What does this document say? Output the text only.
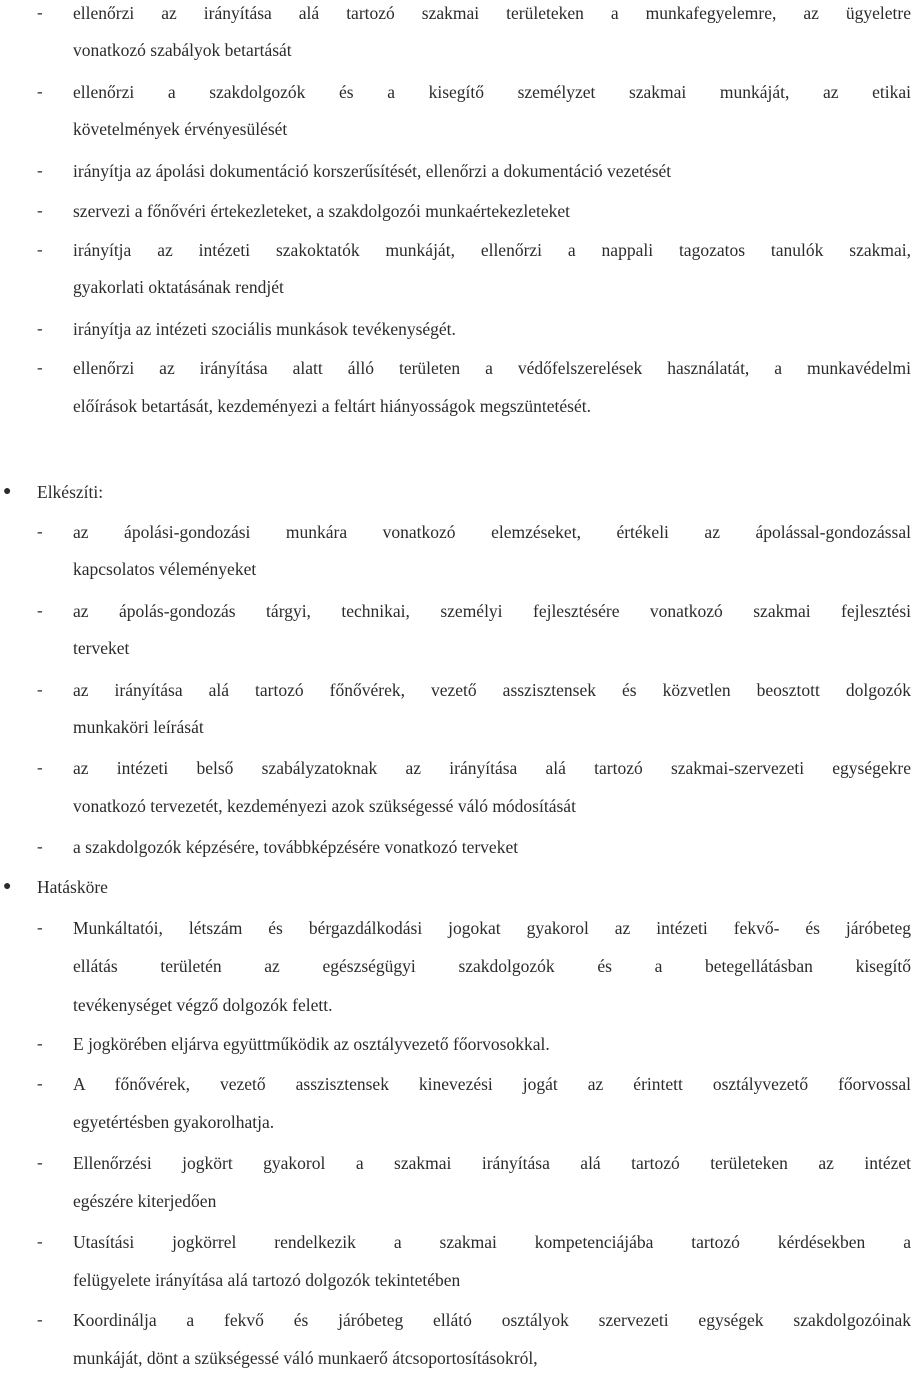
- ellenőrzi az irányítása alá tartozó szakmai területeken a munkafegyelemre, az ügyeletre
vonatkozó szabályok betartását
- ellenőrzi a szakdolgozók és a kisegítő személyzet szakmai munkáját, az etikai
követelmények érvényesülését
- irányítja az ápolási dokumentáció korszerűsítését, ellenőrzi a dokumentáció vezetését
- szervezi a főnővéri értekezleteket, a szakdolgozói munkaértekezleteket
- irányítja az intézeti szakoktatók munkáját, ellenőrzi a nappali tagozatos tanulók szakmai,
gyakorlati oktatásának rendjét
- irányítja az intézeti szociális munkások tevékenységét.
- ellenőrzi az irányítása alatt álló területen a védőfelszerelések használatát, a munkavédelmi
előírások betartását, kezdeményezi a feltárt hiányosságok megszüntetését.
● Elkészíti:
- az ápolási-gondozási munkára vonatkozó elemzéseket, értékeli az ápolással-gondozással
kapcsolatos véleményeket
- az ápolás-gondozás tárgyi, technikai, személyi fejlesztésére vonatkozó szakmai fejlesztési
terveket
- az irányítása alá tartozó főnővérek, vezető asszisztensek és közvetlen beosztott dolgozók
munkaköri leírását
- az intézeti belső szabályzatoknak az irányítása alá tartozó szakmai-szervezeti egységekre
vonatkozó tervezetét, kezdeményezi azok szükségessé váló módosítását
- a szakdolgozók képzésére, továbbképzésére vonatkozó terveket
● Hatásköre
- Munkáltatói, létszám és bérgazdálkodási jogokat gyakorol az intézeti fekvő- és járóbeteg
ellátás területén az egészségügyi szakdolgozók és a betegellátásban kisegítő
tevékenységet végző dolgozók felett.
- E jogkörében eljárva együttműködik az osztályvezető főorvosokkal.
- A főnővérek, vezető asszisztensek kinevezési jogát az érintett osztályvezető főorvossal
egyetértésben gyakorolhatja.
- Ellenőrzési jogkört gyakorol a szakmai irányítása alá tartozó területeken az intézet
egészére kiterjedően
- Utasítási jogkörrel rendelkezik a szakmai kompetenciájába tartozó kérdésekben a
felügyelete irányítása alá tartozó dolgozók tekintetében
- Koordinálja a fekvő és járóbeteg ellátó osztályok szervezeti egységek szakdolgozóinak
munkáját, dönt a szükségessé váló munkaerő átcsoportosításokról,
